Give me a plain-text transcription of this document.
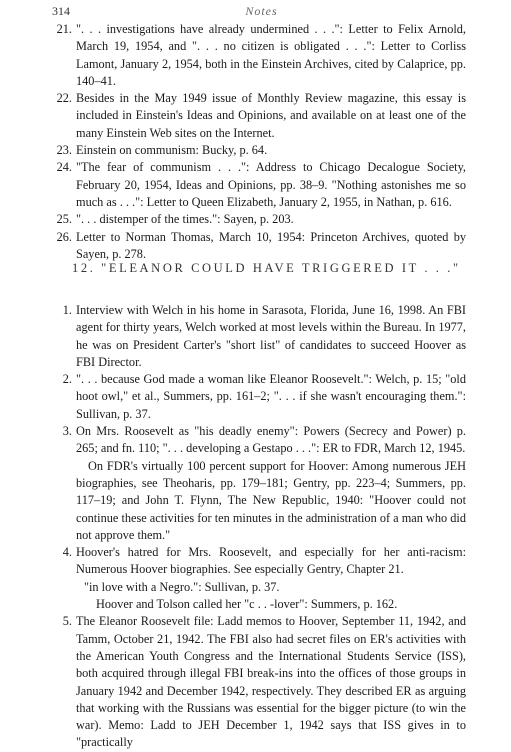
314	Notes
21. ". . . investigations have already undermined . . .": Letter to Felix Arnold, March 19, 1954, and ". . . no citizen is obligated . . .": Letter to Corliss Lamont, January 2, 1954, both in the Einstein Archives, cited by Calaprice, pp. 140–41.
22. Besides in the May 1949 issue of Monthly Review magazine, this essay is included in Einstein's Ideas and Opinions, and available on at least one of the many Einstein Web sites on the Internet.
23. Einstein on communism: Bucky, p. 64.
24. "The fear of communism . . .": Address to Chicago Decalogue Society, February 20, 1954, Ideas and Opinions, pp. 38–9. "Nothing astonishes me so much as . . .": Letter to Queen Elizabeth, January 2, 1955, in Nathan, p. 616.
25. ". . . distemper of the times.": Sayen, p. 203.
26. Letter to Norman Thomas, March 10, 1954: Princeton Archives, quoted by Sayen, p. 278.
12. "ELEANOR COULD HAVE TRIGGERED IT . . ."
1. Interview with Welch in his home in Sarasota, Florida, June 16, 1998. An FBI agent for thirty years, Welch worked at most levels within the Bureau. In 1977, he was on President Carter's "short list" of candidates to succeed Hoover as FBI Director.
2. ". . . because God made a woman like Eleanor Roosevelt.": Welch, p. 15; "old hoot owl," et al., Summers, pp. 161–2; ". . . if she wasn't encouraging them.": Sullivan, p. 37.
3. On Mrs. Roosevelt as "his deadly enemy": Powers (Secrecy and Power) p. 265; and fn. 110; ". . . developing a Gestapo . . .": ER to FDR, March 12, 1945.
On FDR's virtually 100 percent support for Hoover: Among numerous JEH biographies, see Theoharis, pp. 179–181; Gentry, pp. 223–4; Summers, pp. 117–19; and John T. Flynn, The New Republic, 1940: "Hoover could not continue these activities for ten minutes in the administration of a man who did not approve them."
4. Hoover's hatred for Mrs. Roosevelt, and especially for her anti-racism: Numerous Hoover biographies. See especially Gentry, Chapter 21.
"in love with a Negro.": Sullivan, p. 37.
Hoover and Tolson called her "c . . -lover": Summers, p. 162.
5. The Eleanor Roosevelt file: Ladd memos to Hoover, September 11, 1942, and Tamm, October 21, 1942. The FBI also had secret files on ER's activities with the American Youth Congress and the International Students Service (ISS), both acquired through illegal FBI break-ins into the offices of those groups in January 1942 and December 1942, respectively. They described ER as arguing that working with the Russians was essential for the bigger picture (to win the war). Memo: Ladd to JEH December 1, 1942 says that ISS gives in to "practically
